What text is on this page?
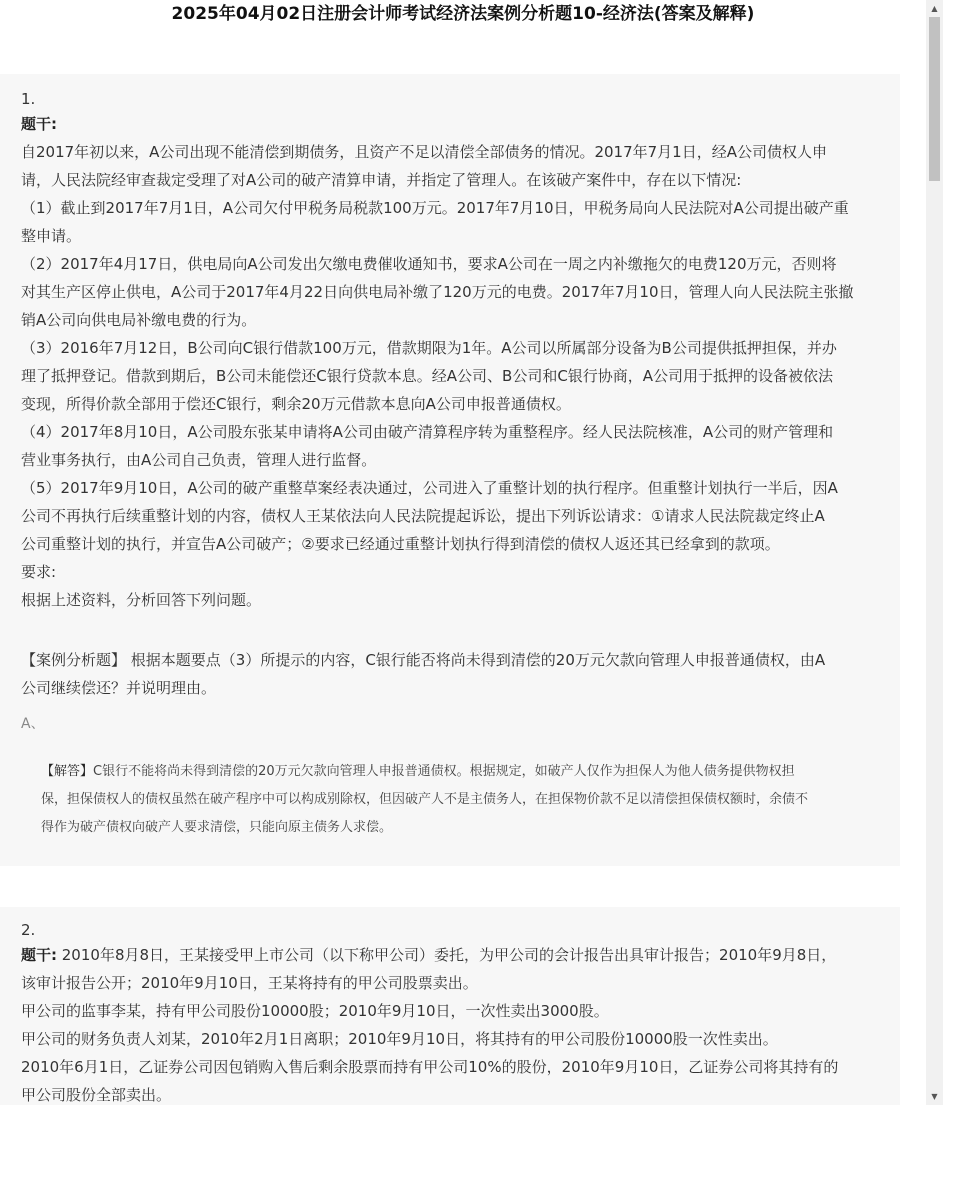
2025年04月02日注册会计师考试经济法案例分析题10-经济法(答案及解释)
1.
题干:
自2017年初以来，A公司出现不能清偿到期债务，且资产不足以清偿全部债务的情况。2017年7月1日，经A公司债权人申
请，人民法院经审查裁定受理了对A公司的破产清算申请，并指定了管理人。在该破产案件中，存在以下情况:
（1）截止到2017年7月1日，A公司欠付甲税务局税款100万元。2017年7月10日，甲税务局向人民法院对A公司提出破产重
整申请。
（2）2017年4月17日，供电局向A公司发出欠缴电费催收通知书，要求A公司在一周之内补缴拖欠的电费120万元，否则将
对其生产区停止供电，A公司于2017年4月22日向供电局补缴了120万元的电费。2017年7月10日，管理人向人民法院主张撤
销A公司向供电局补缴电费的行为。
（3）2016年7月12日，B公司向C银行借款100万元，借款期限为1年。A公司以所属部分设备为B公司提供抵押担保，并办
理了抵押登记。借款到期后，B公司未能偿还C银行贷款本息。经A公司、B公司和C银行协商，A公司用于抵押的设备被依法
变现，所得价款全部用于偿还C银行，剩余20万元借款本息向A公司申报普通债权。
（4）2017年8月10日，A公司股东张某申请将A公司由破产清算程序转为重整程序。经人民法院核准，A公司的财产管理和
营业事务执行，由A公司自己负责，管理人进行监督。
（5）2017年9月10日，A公司的破产重整草案经表决通过，公司进入了重整计划的执行程序。但重整计划执行一半后，因A
公司不再执行后续重整计划的内容，债权人王某依法向人民法院提起诉讼，提出下列诉讼请求：①请求人民法院裁定终止A
公司重整计划的执行，并宣告A公司破产；②要求已经通过重整计划执行得到清偿的债权人返还其已经拿到的款项。
要求:
根据上述资料，分析回答下列问题。
【案例分析题】 根据本题要点（3）所提示的内容，C银行能否将尚未得到清偿的20万元欠款向管理人申报普通债权，由A
公司继续偿还？并说明理由。
A、
【解答】C银行不能将尚未得到清偿的20万元欠款向管理人申报普通债权。根据规定，如破产人仅作为担保人为他人债务提供物权担
保，担保债权人的债权虽然在破产程序中可以构成别除权，但因破产人不是主债务人，在担保物价款不足以清偿担保债权额时，余债不
得作为破产债权向破产人要求清偿，只能向原主债务人求偿。
2.
题干: 2010年8月8日，王某接受甲上市公司（以下称甲公司）委托，为甲公司的会计报告出具审计报告；2010年9月8日，
该审计报告公开；2010年9月10日，王某将持有的甲公司股票卖出。
甲公司的监事李某，持有甲公司股份10000股；2010年9月10日，一次性卖出3000股。
甲公司的财务负责人刘某，2010年2月1日离职；2010年9月10日，将其持有的甲公司股份10000股一次性卖出。
2010年6月1日，乙证券公司因包销购入售后剩余股票而持有甲公司10%的股份，2010年9月10日，乙证券公司将其持有的
甲公司股份全部卖出。
▲
▼
